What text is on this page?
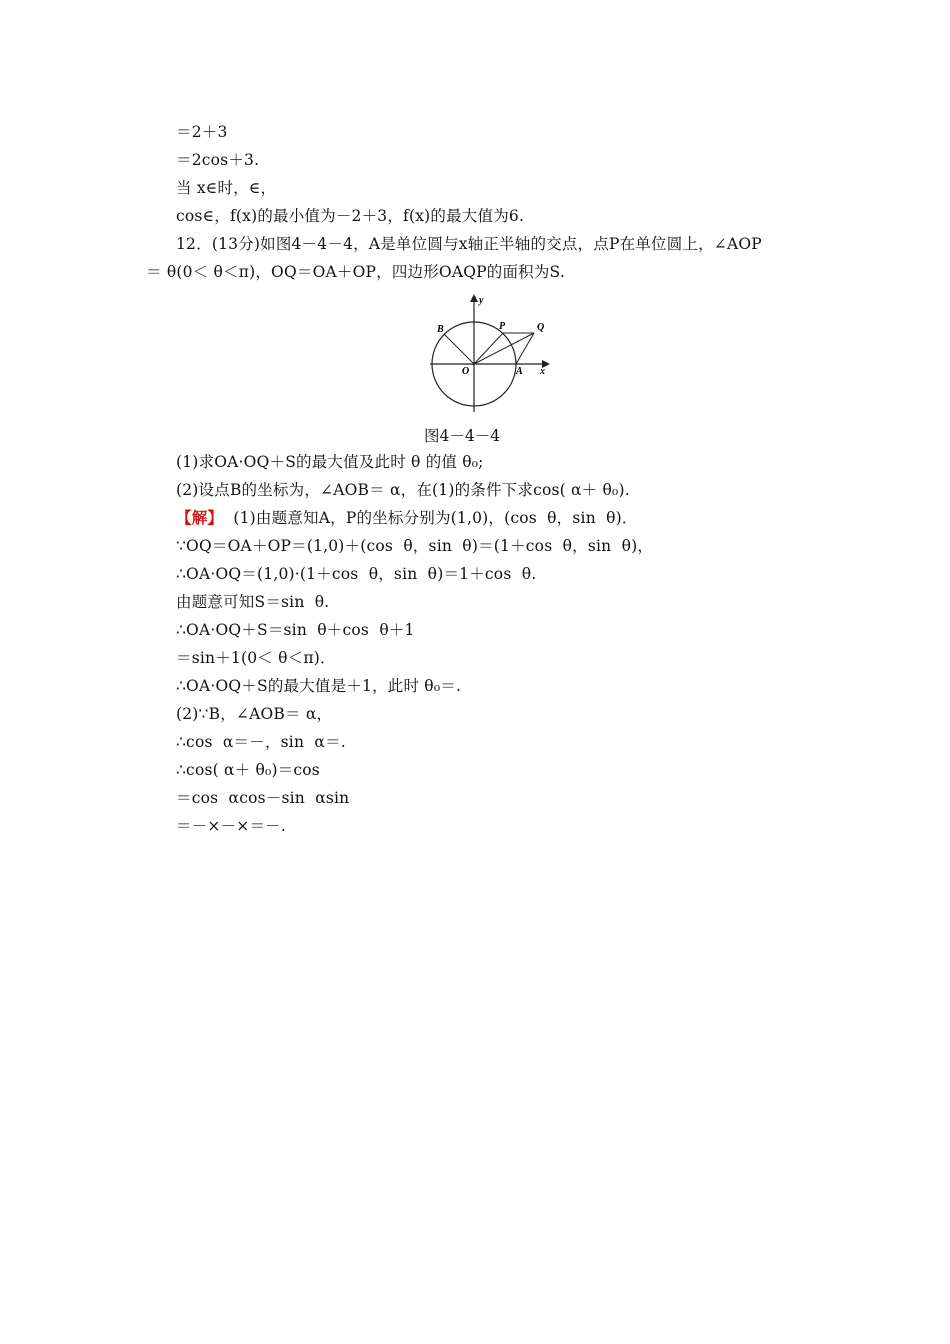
＝2＋3
＝2cos＋3.
当 x∈时，∈，
cos∈，f(x)的最小值为－2＋3，f(x)的最大值为6.
12．(13分)如图4－4－4，A是单位圆与x轴正半轴的交点，点P在单位圆上，∠AOP
＝ θ(0＜ θ＜π)，OQ＝OA＋OP，四边形OAQP的面积为S.
y
B	P	Q
O	A x
图4－4－4
(1)求OA·OQ＋S的最大值及此时 θ 的值 θ₀;
(2)设点B的坐标为，∠AOB＝ α，在(1)的条件下求cos( α＋ θ₀).
【解】  (1)由题意知A，P的坐标分别为(1,0)，(cos  θ，sin  θ)．
∵OQ＝OA＋OP＝(1,0)＋(cos  θ，sin  θ)＝(1＋cos  θ，sin  θ)，
∴OA·OQ＝(1,0)·(1＋cos  θ，sin  θ)＝1＋cos  θ.
由题意可知S＝sin  θ.
∴OA·OQ＋S＝sin  θ＋cos  θ＋1
＝sin＋1(0＜ θ＜π)．
∴OA·OQ＋S的最大值是＋1，此时 θ₀＝.
(2)∵B，∠AOB＝ α，
∴cos  α＝－，sin  α＝.
∴cos( α＋ θ₀)＝cos
＝cos  αcos－sin  αsin
＝－×－×＝－.
